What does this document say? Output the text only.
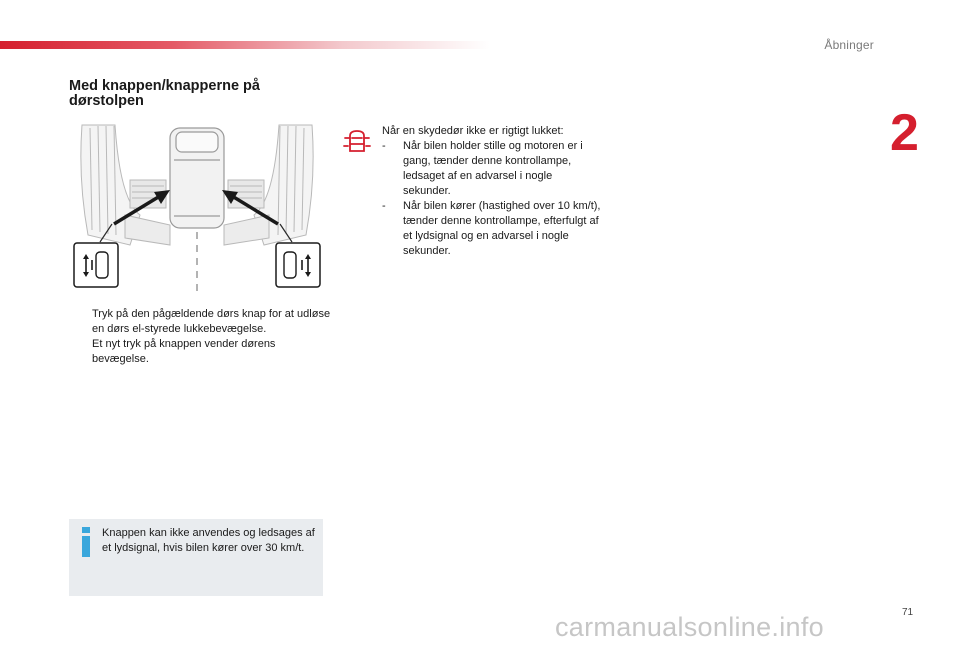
Åbninger
2
Med knappen/knapperne på dørstolpen
Tryk på den pågældende dørs knap for at udløse en dørs el-styrede lukkebevægelse.
Et nyt tryk på knappen vender dørens bevægelse.
Når en skydedør ikke er rigtigt lukket:
- Når bilen holder stille og motoren er i gang, tænder denne kontrollampe, ledsaget af en advarsel i nogle sekunder.
- Når bilen kører (hastighed over 10 km/t), tænder denne kontrollampe, efterfulgt af et lydsignal og en advarsel i nogle sekunder.
Knappen kan ikke anvendes og ledsages af et lydsignal, hvis bilen kører over 30 km/t.
71
carmanualsonline.info
